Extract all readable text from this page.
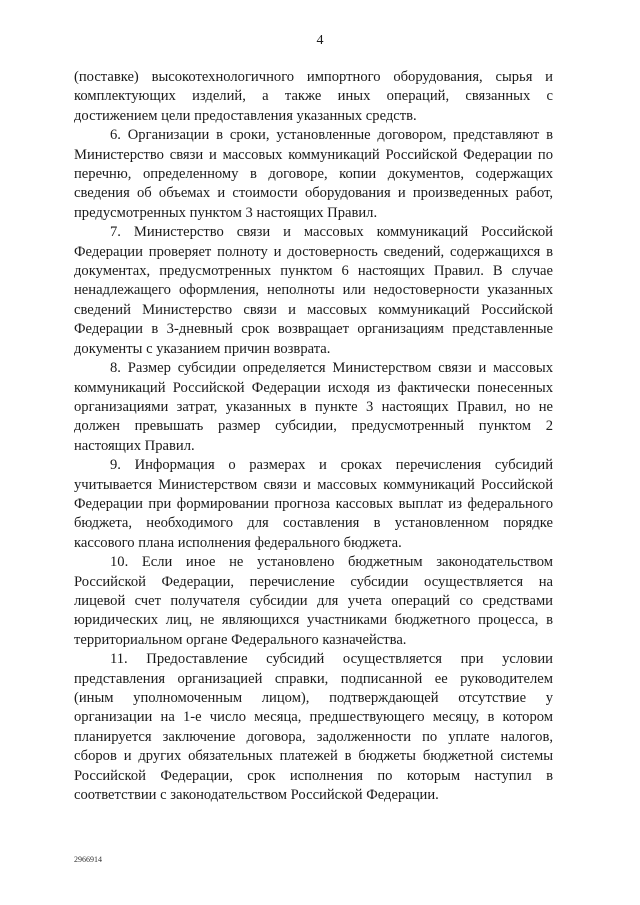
4
(поставке) высокотехнологичного импортного оборудования, сырья и
комплектующих изделий, а также иных операций, связанных с
достижением цели предоставления указанных средств.
6. Организации в сроки, установленные договором, представляют в
Министерство связи и массовых коммуникаций Российской Федерации по
перечню, определенному в договоре, копии документов, содержащих
сведения об объемах и стоимости оборудования и произведенных работ,
предусмотренных пунктом 3 настоящих Правил.
7. Министерство связи и массовых коммуникаций Российской
Федерации проверяет полноту и достоверность сведений, содержащихся в
документах, предусмотренных пунктом 6 настоящих Правил. В случае
ненадлежащего оформления, неполноты или недостоверности указанных
сведений Министерство связи и массовых коммуникаций Российской
Федерации в 3-дневный срок возвращает организациям представленные
документы с указанием причин возврата.
8. Размер субсидии определяется Министерством связи и массовых
коммуникаций Российской Федерации исходя из фактически понесенных
организациями затрат, указанных в пункте 3 настоящих Правил, но не
должен превышать размер субсидии, предусмотренный пунктом 2
настоящих Правил.
9. Информация о размерах и сроках перечисления субсидий
учитывается Министерством связи и массовых коммуникаций Российской
Федерации при формировании прогноза кассовых выплат из федерального
бюджета, необходимого для составления в установленном порядке
кассового плана исполнения федерального бюджета.
10. Если иное не установлено бюджетным законодательством
Российской Федерации, перечисление субсидии осуществляется на
лицевой счет получателя субсидии для учета операций со средствами
юридических лиц, не являющихся участниками бюджетного процесса, в
территориальном органе Федерального казначейства.
11. Предоставление субсидий осуществляется при условии
представления организацией справки, подписанной ее руководителем
(иным уполномоченным лицом), подтверждающей отсутствие у
организации на 1-е число месяца, предшествующего месяцу, в котором
планируется заключение договора, задолженности по уплате налогов,
сборов и других обязательных платежей в бюджеты бюджетной системы
Российской Федерации, срок исполнения по которым наступил в
соответствии с законодательством Российской Федерации.
2966914
